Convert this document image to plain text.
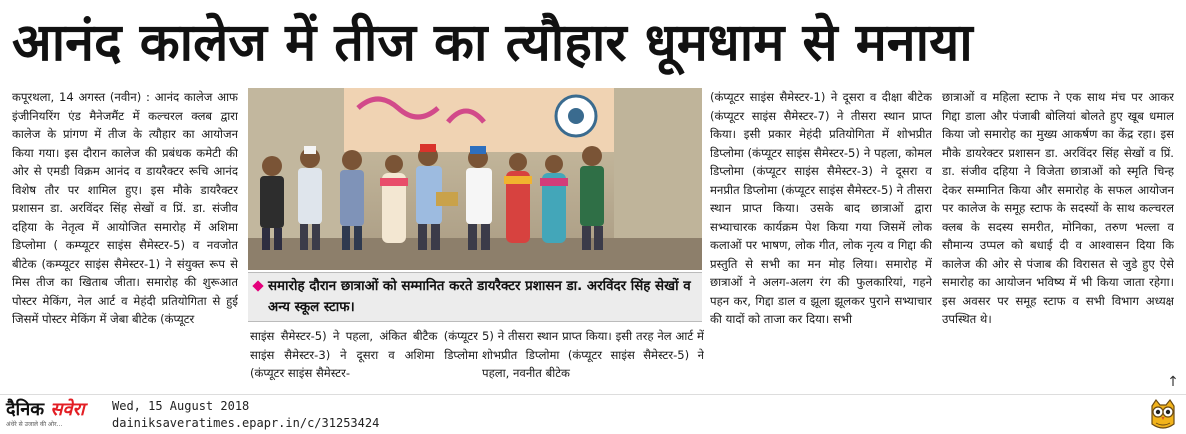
आनंद कालेज में तीज का त्यौहार धूमधाम से मनाया
कपूरथला, 14 अगस्त (नवीन) : आनंद कालेज आफ इंजीनियरिंग एंड मैनेजमैंट में कल्चरल क्लब द्वारा कालेज के प्रांगण में तीज के त्यौहार का आयोजन किया गया। इस दौरान कालेज की प्रबंधक कमेटी की ओर से एमडी विक्रम आनंद व डायरैक्टर रूचि आनंद विशेष तौर पर शामिल हुए। इस मौके डायरैक्टर प्रशासन डा. अरविंदर सिंह सेखों व प्रिं. डा. संजीव दहिया के नेतृत्व में आयोजित समारोह में अशिमा डिप्लोमा ( कम्प्यूटर साइंस सैमेस्टर-5) व नवजोत बीटेक (कम्प्यूटर साइंस सैमेस्टर-1) ने संयुक्त रूप से मिस तीज का खिताब जीता। समारोह की शुरूआत पोस्टर मेकिंग, नेल आर्ट व मेहंदी प्रतियोगिता से हुई जिसमें पोस्टर मेकिंग में जेबा बीटेक (कंप्यूटर
समारोह दौरान छात्राओं को सम्मानित करते डायरैक्टर प्रशासन डा. अरविंदर सिंह सेखों व अन्य स्कूल स्टाफ।
साइंस सैमेस्टर-5) ने पहला, अंकित बीटैक (कंप्यूटर साइंस सैमेस्टर-3) ने दूसरा व अशिमा डिप्लोमा (कंप्यूटर साइंस सैमेस्टर-
5) ने तीसरा स्थान प्राप्त किया। इसी तरह नेल आर्ट में शोभप्रीत डिप्लोमा (कंप्यूटर साइंस सैमेस्टर-5) ने पहला, नवनीत बीटेक
(कंप्यूटर साइंस सैमेस्टर-1) ने दूसरा व दीक्षा बीटेक (कंप्यूटर साइंस सैमेस्टर-7) ने तीसरा स्थान प्राप्त किया। इसी प्रकार मेहंदी प्रतियोगिता में शोभप्रीत डिप्लोमा (कंप्यूटर साइंस सैमेस्टर-5) ने पहला, कोमल डिप्लोमा (कंप्यूटर साइंस सैमेस्टर-3) ने दूसरा व मनप्रीत डिप्लोमा (कंप्यूटर साइंस सैमेस्टर-5) ने तीसरा स्थान प्राप्त किया। उसके बाद छात्राओं द्वारा सभ्याचारक कार्यक्रम पेश किया गया जिसमें लोक कलाओं पर भाषण, लोक गीत, लोक नृत्य व गिद्दा की प्रस्तुति से सभी का मन मोह लिया। समारोह में छात्राओं ने अलग-अलग रंग की फुलकारियां, गहने पहन कर, गिद्दा डाल व झूला झूलकर पुराने सभ्याचार की यादों को ताजा कर दिया। सभी
छात्राओं व महिला स्टाफ ने एक साथ मंच पर आकर गिद्दा डाला और पंजाबी बोलियां बोलते हुए खूब धमाल किया जो समारोह का मुख्य आकर्षण का केंद्र रहा। इस मौके डायरेक्टर प्रशासन डा. अरविंदर सिंह सेखों व प्रिं. डा. संजीव दहिया ने विजेता छात्राओं को स्मृति चिन्ह देकर सम्मानित किया और समारोह के सफल आयोजन पर कालेज के समूह स्टाफ के सदस्यों के साथ कल्चरल क्लब के सदस्य समरीत, मोनिका, तरुण भल्ला व सौमान्य उप्पल को बधाई दी व आश्वासन दिया कि कालेज की ओर से पंजाब की विरासत से जुडे हुए ऐसे समारोह का आयोजन भविष्य में भी किया जाता रहेगा। इस अवसर पर समूह स्टाफ व सभी विभाग अध्यक्ष उपस्थित थे।
↑
दैनिक सवेरा
अंधेरे से उजाले की ओर...
Wed, 15 August 2018
dainiksaveratimes.epapr.in/c/31253424
